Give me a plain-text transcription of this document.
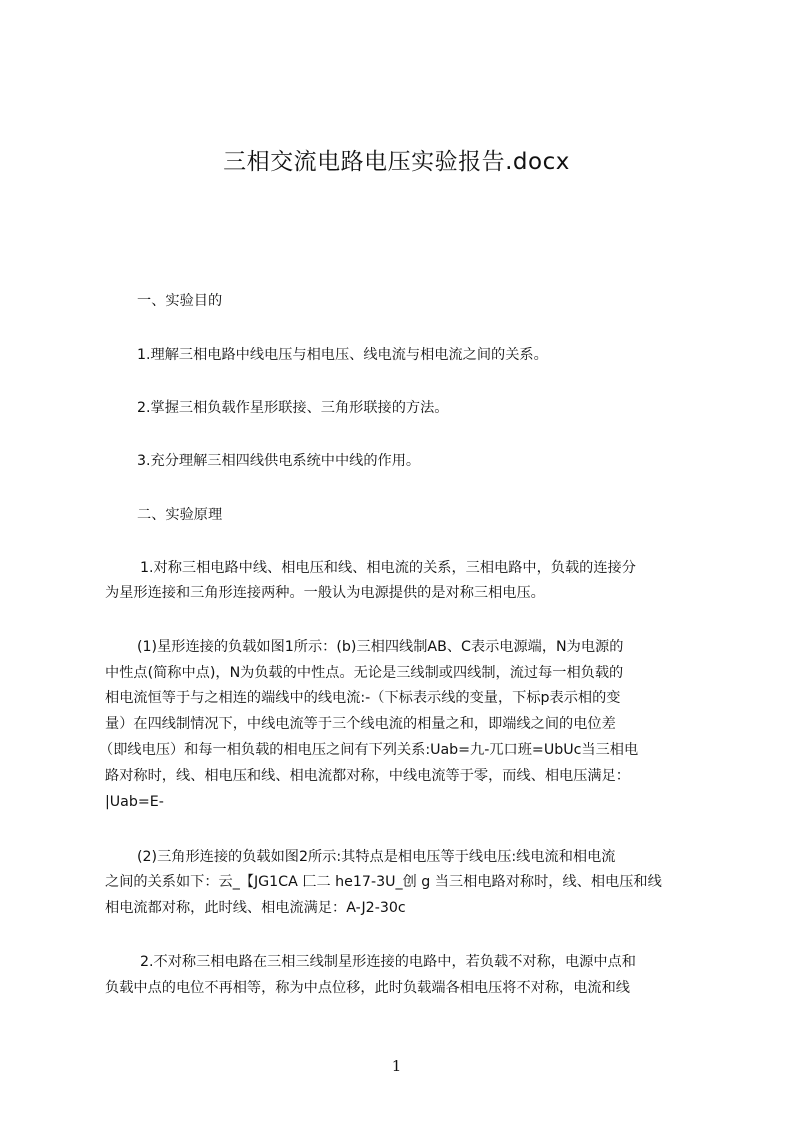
三相交流电路电压实验报告.docx
一、实验目的
1.理解三相电路中线电压与相电压、线电流与相电流之间的关系。
2.掌握三相负载作星形联接、三角形联接的方法。
3.充分理解三相四线供电系统中中线的作用。
二、实验原理
1.对称三相电路中线、相电压和线、相电流的关系，三相电路中，负载的连接分
为星形连接和三角形连接两种。一般认为电源提供的是对称三相电压。
(1)星形连接的负载如图1所示：(b)三相四线制AB、C表示电源端，N为电源的
中性点(简称中点)，N为负载的中性点。无论是三线制或四线制，流过每一相负载的
相电流恒等于与之相连的端线中的线电流:-（下标表示线的变量，下标p表示相的变
量）在四线制情况下，中线电流等于三个线电流的相量之和，即端线之间的电位差
（即线电压）和每一相负载的相电压之间有下列关系:Uab=九-兀口班=UbUc当三相电
路对称时，线、相电压和线、相电流都对称，中线电流等于零，而线、相电压满足：
|Uab=E-
(2)三角形连接的负载如图2所示:其特点是相电压等于线电压:线电流和相电流
之间的关系如下：云_【JG1CA 匚二 he17-3U_创 g 当三相电路对称时，线、相电压和线
相电流都对称，此时线、相电流满足：A-J2-30c
2.不对称三相电路在三相三线制星形连接的电路中，若负载不对称，电源中点和
负载中点的电位不再相等，称为中点位移，此时负载端各相电压将不对称，电流和线
1
